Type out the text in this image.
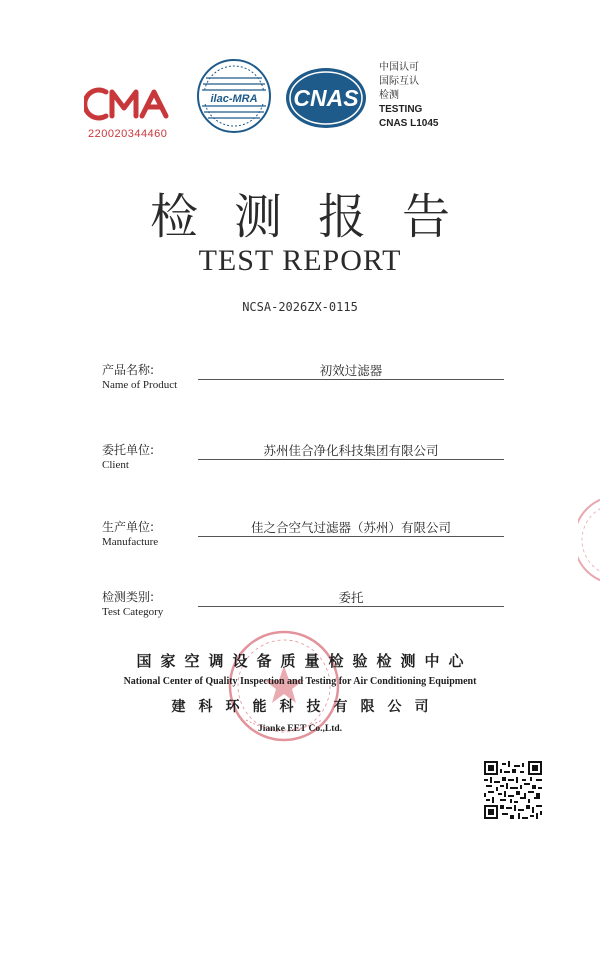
220020344460
ilac-MRA CNAS
中国认可
国际互认
检测
TESTING
CNAS L1045
检测报告
TEST REPORT
NCSA-2026ZX-0115
产品名称:
Name of Product
初效过滤器
委托单位:
Client
苏州佳合净化科技集团有限公司
生产单位:
Manufacture
佳之合空气过滤器（苏州）有限公司
检测类别:
Test Category
委托
国家空调设备质量检验检测中心
National Center of Quality Inspection and Testing for Air Conditioning Equipment
建科环能科技有限公司
Jianke EET Co.,Ltd.
